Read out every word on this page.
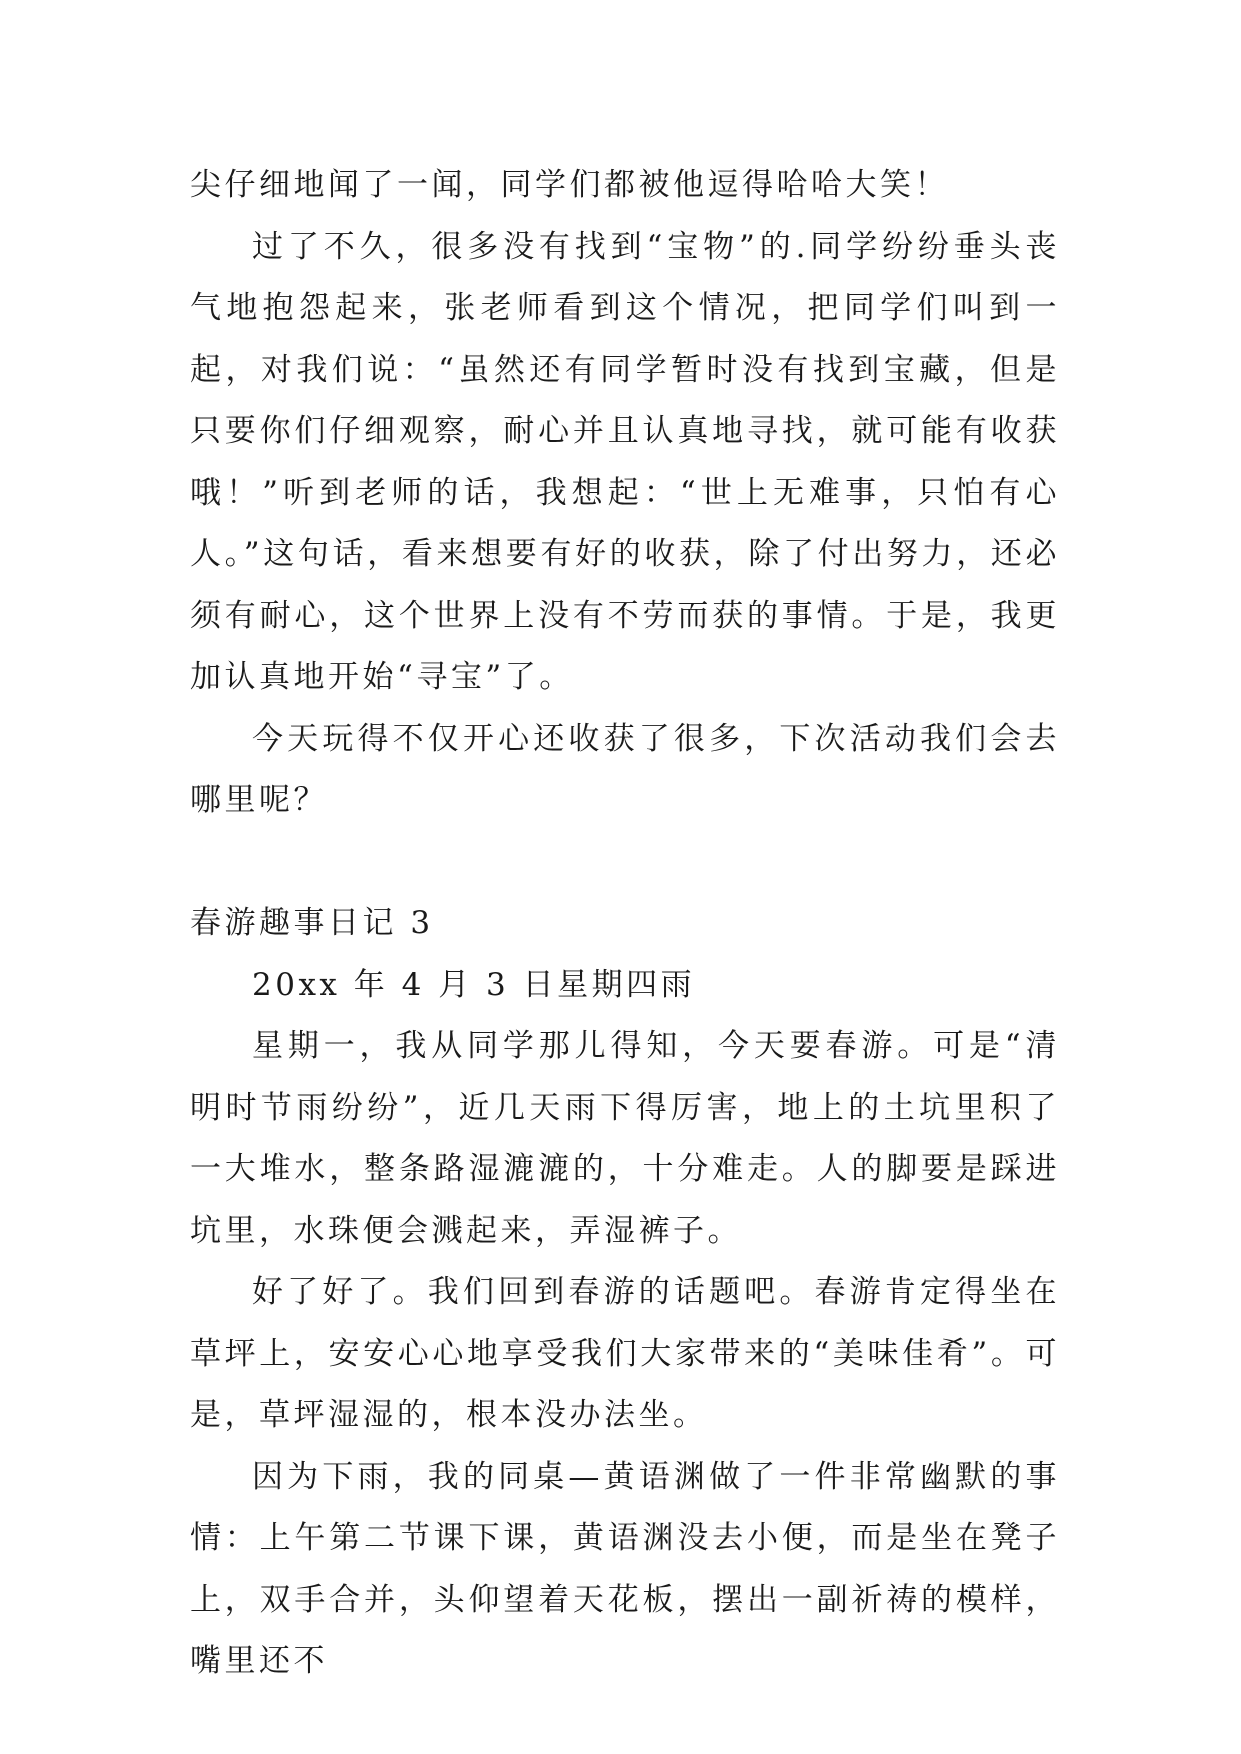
尖仔细地闻了一闻，同学们都被他逗得哈哈大笑！

过了不久，很多没有找到“宝物”的.同学纷纷垂头丧气地抱怨起来，张老师看到这个情况，把同学们叫到一起，对我们说：“虽然还有同学暂时没有找到宝藏，但是只要你们仔细观察，耐心并且认真地寻找，就可能有收获哦！”听到老师的话，我想起：“世上无难事，只怕有心人。”这句话，看来想要有好的收获，除了付出努力，还必须有耐心，这个世界上没有不劳而获的事情。于是，我更加认真地开始“寻宝”了。

今天玩得不仅开心还收获了很多，下次活动我们会去哪里呢？

春游趣事日记 3

20xx 年 4 月 3 日星期四雨

星期一，我从同学那儿得知，今天要春游。可是“清明时节雨纷纷”，近几天雨下得厉害，地上的土坑里积了一大堆水，整条路湿漉漉的，十分难走。人的脚要是踩进坑里，水珠便会溅起来，弄湿裤子。

好了好了。我们回到春游的话题吧。春游肯定得坐在草坪上，安安心心地享受我们大家带来的“美味佳肴”。可是，草坪湿湿的，根本没办法坐。

因为下雨，我的同桌—黄语渊做了一件非常幽默的事情：上午第二节课下课，黄语渊没去小便，而是坐在凳子上，双手合并，头仰望着天花板，摆出一副祈祷的模样，嘴里还不
